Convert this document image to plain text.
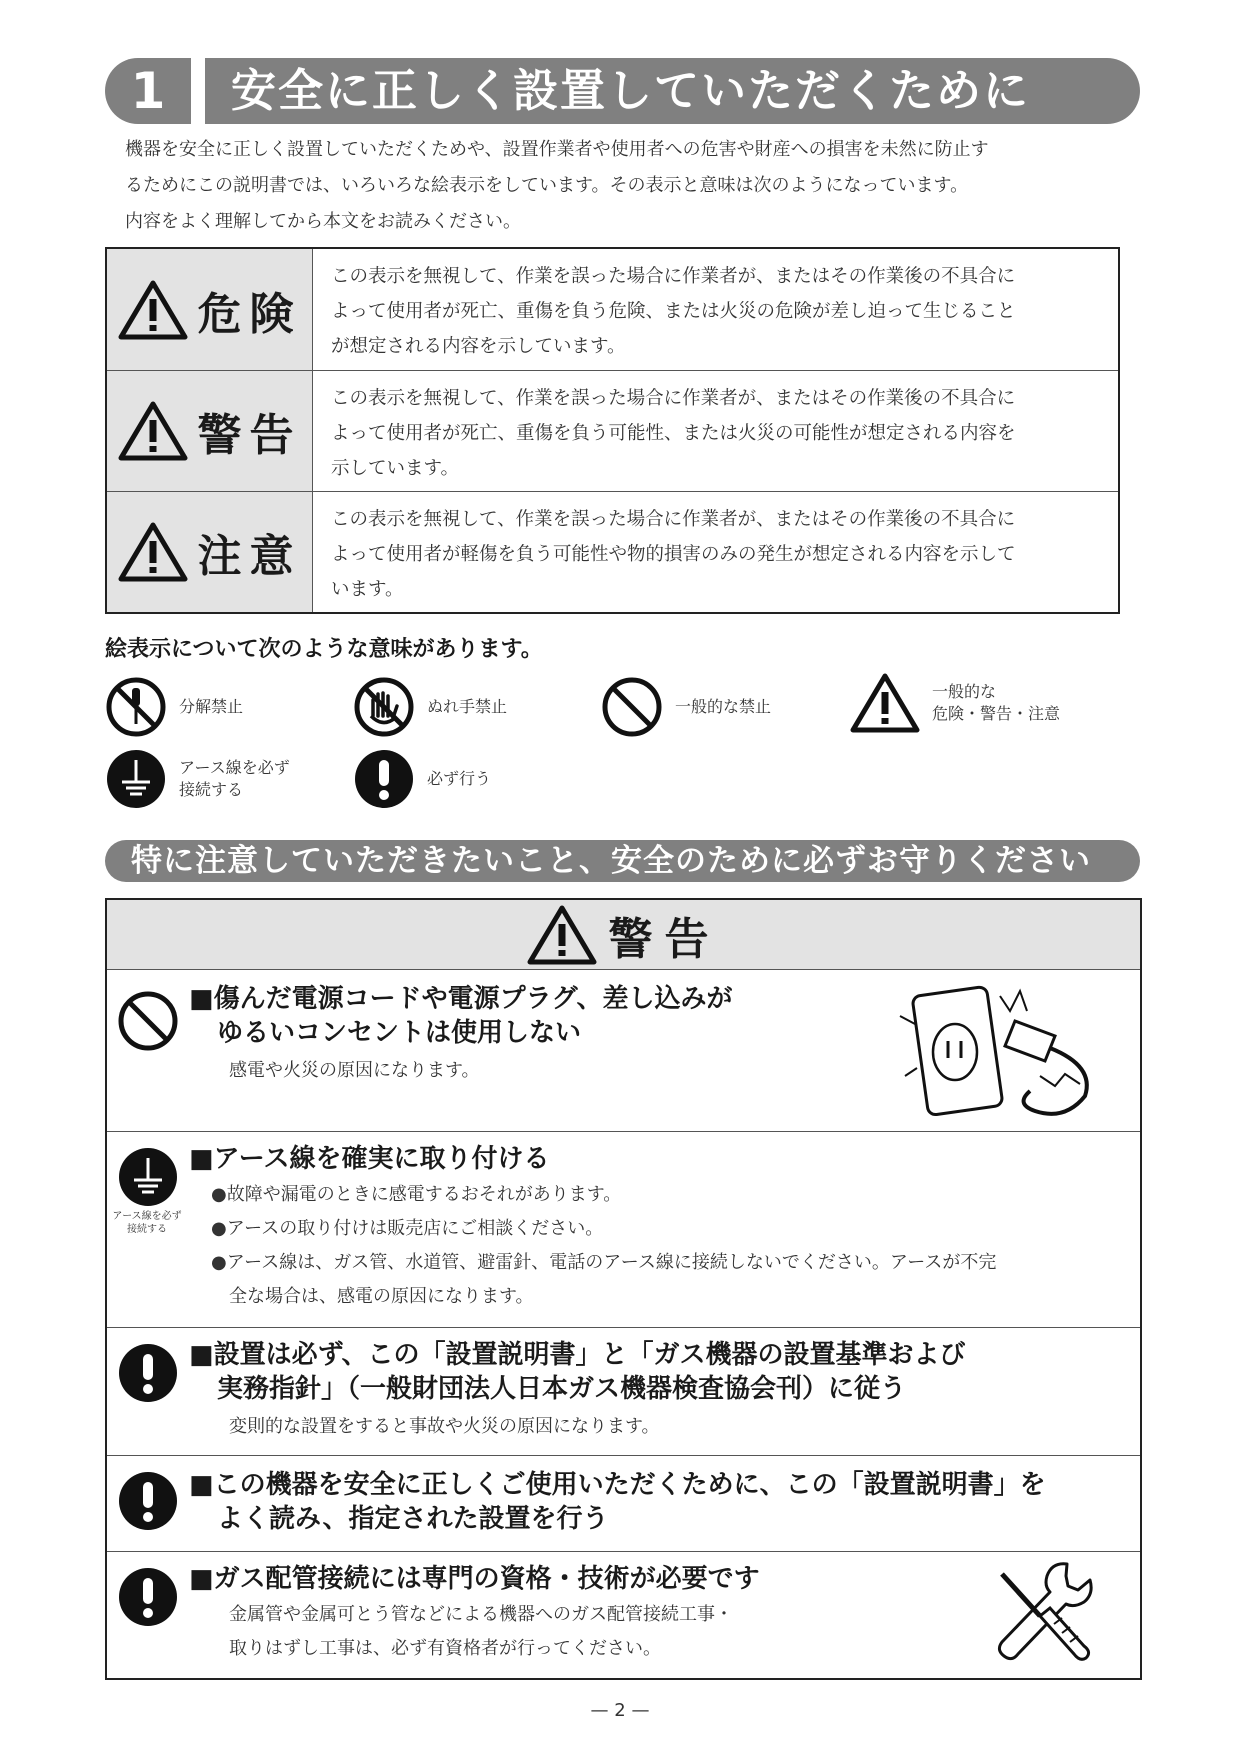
1	安全に正しく設置していただくために

機器を安全に正しく設置していただくためや、設置作業者や使用者への危害や財産への損害を未然に防止す

るためにこの説明書では、いろいろな絵表示をしています。その表示と意味は次のようになっています。

内容をよく理解してから本文をお読みください。

危険
この表示を無視して、作業を誤った場合に作業者が、またはその作業後の不具合に
よって使用者が死亡、重傷を負う危険、または火災の危険が差し迫って生じること
が想定される内容を示しています。
警告
この表示を無視して、作業を誤った場合に作業者が、またはその作業後の不具合に
よって使用者が死亡、重傷を負う可能性、または火災の可能性が想定される内容を
示しています。
注意
この表示を無視して、作業を誤った場合に作業者が、またはその作業後の不具合に
よって使用者が軽傷を負う可能性や物的損害のみの発生が想定される内容を示して
います。
絵表示について次のような意味があります。
分解禁止	ぬれ手禁止	一般的な禁止
一般的な
危険・警告・注意
アース線を必ず
接続する
必ず行う
特に注意していただきたいこと、安全のために必ずお守りください
警告
■傷んだ電源コードや電源プラグ、差し込みが
ゆるいコンセントは使用しない
感電や火災の原因になります。
アース線を必ず
接続する
■アース線を確実に取り付ける
●故障や漏電のときに感電するおそれがあります。
●アースの取り付けは販売店にご相談ください。
●アース線は、ガス管、水道管、避雷針、電話のアース線に接続しないでください。アースが不完
全な場合は、感電の原因になります。
■設置は必ず、この「設置説明書」と「ガス機器の設置基準および
実務指針」（一般財団法人日本ガス機器検査協会刊）に従う
変則的な設置をすると事故や火災の原因になります。
■この機器を安全に正しくご使用いただくために、この「設置説明書」を
よく読み、指定された設置を行う
■ガス配管接続には専門の資格・技術が必要です
金属管や金属可とう管などによる機器へのガス配管接続工事・
取りはずし工事は、必ず有資格者が行ってください。
— 2 —
